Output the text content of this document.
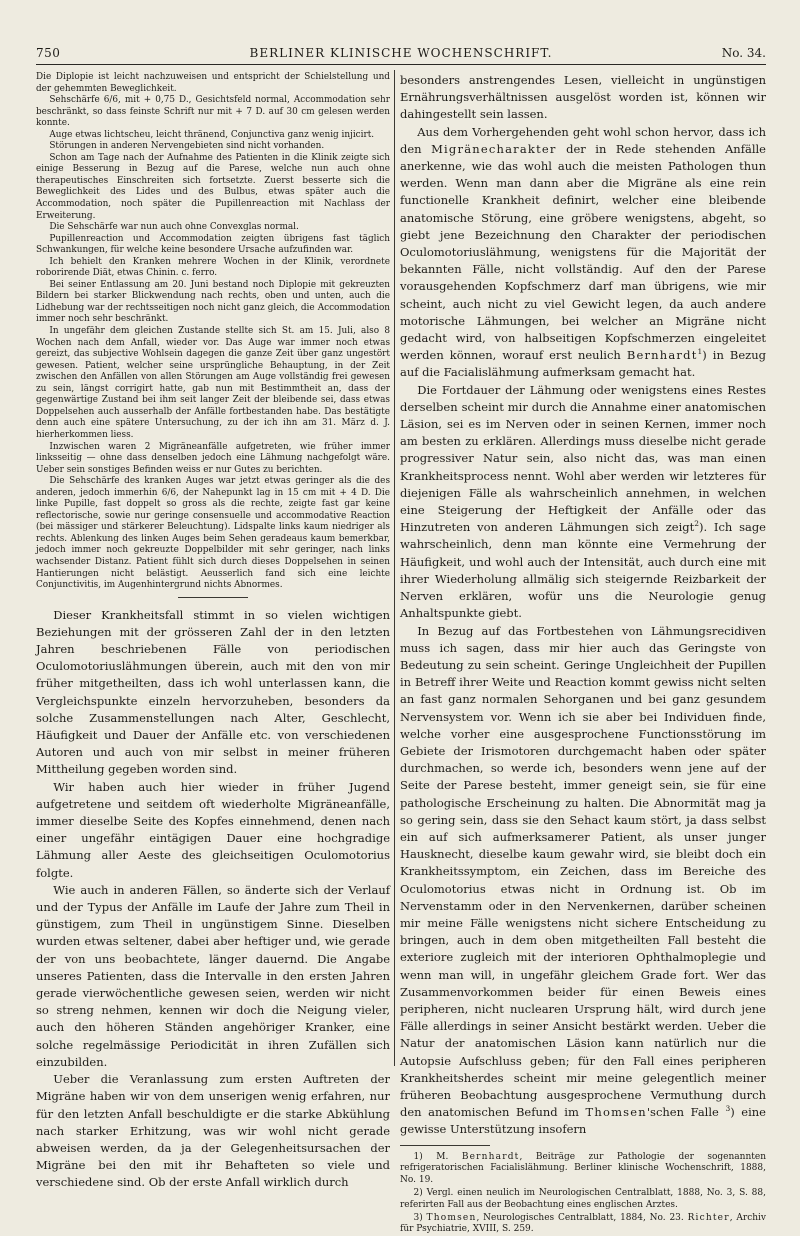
750	BERLINER KLINISCHE WOCHENSCHRIFT.	No. 34.

Die Diplopie ist leicht nachzuweisen und entspricht der Schielstellung und der gehemmten Beweglichkeit.

Sehschärfe 6/6, mit + 0,75 D., Gesichtsfeld normal, Accommodation sehr beschränkt, so dass feinste Schrift nur mit + 7 D. auf 30 cm gelesen werden konnte.

Auge etwas lichtscheu, leicht thränend, Conjunctiva ganz wenig injicirt.

Störungen in anderen Nervengebieten sind nicht vorhanden.

Schon am Tage nach der Aufnahme des Patienten in die Klinik zeigte sich einige Besserung in Bezug auf die Parese, welche nun auch ohne therapeutisches Einschreiten sich fortsetzte. Zuerst besserte sich die Beweglichkeit des Lides und des Bulbus, etwas später auch die Accommodation, noch später die Pupillenreaction mit Nachlass der Erweiterung.

Die Sehschärfe war nun auch ohne Convexglas normal.

Pupillenreaction und Accommodation zeigten übrigens fast täglich Schwankungen, für welche keine besondere Ursache aufzufinden war.

Ich behielt den Kranken mehrere Wochen in der Klinik, verordnete roborirende Diät, etwas Chinin. c. ferro.

Bei seiner Entlassung am 20. Juni bestand noch Diplopie mit gekreuzten Bildern bei starker Blickwendung nach rechts, oben und unten, auch die Lidhebung war der rechtsseitigen noch nicht ganz gleich, die Accommodation immer noch sehr beschränkt.

In ungefähr dem gleichen Zustande stellte sich St. am 15. Juli, also 8 Wochen nach dem Anfall, wieder vor. Das Auge war immer noch etwas gereizt, das subjective Wohlsein dagegen die ganze Zeit über ganz ungestört gewesen. Patient, welcher seine ursprüngliche Behauptung, in der Zeit zwischen den Anfällen von allen Störungen am Auge vollständig frei gewesen zu sein, längst corrigirt hatte, gab nun mit Bestimmtheit an, dass der gegenwärtige Zustand bei ihm seit langer Zeit der bleibende sei, dass etwas Doppelsehen auch ausserhalb der Anfälle fortbestanden habe. Das bestätigte denn auch eine spätere Untersuchung, zu der ich ihn am 31. März d. J. hierherkommen liess.

Inzwischen waren 2 Migräneanfälle aufgetreten, wie früher immer linksseitig — ohne dass denselben jedoch eine Lähmung nachgefolgt wäre. Ueber sein sonstiges Befinden weiss er nur Gutes zu berichten.

Die Sehschärfe des kranken Auges war jetzt etwas geringer als die des anderen, jedoch immerhin 6/6, der Nahepunkt lag in 15 cm mit + 4 D. Die linke Pupille, fast doppelt so gross als die rechte, zeigte fast gar keine reflectorische, sowie nur geringe consensuelle und accommodative Reaction (bei mässiger und stärkerer Beleuchtung). Lidspalte links kaum niedriger als rechts. Ablenkung des linken Auges beim Sehen geradeaus kaum bemerkbar, jedoch immer noch gekreuzte Doppelbilder mit sehr geringer, nach links wachsender Distanz. Patient fühlt sich durch dieses Doppelsehen in seinen Hantierungen nicht belästigt. Aeusserlich fand sich eine leichte Conjunctivitis, im Augenhintergrund nichts Abnormes.

Dieser Krankheitsfall stimmt in so vielen wichtigen Beziehungen mit der grösseren Zahl der in den letzten Jahren beschriebenen Fälle von periodischen Oculomotoriuslähmungen überein, auch mit den von mir früher mitgetheilten, dass ich wohl unterlassen kann, die Vergleichspunkte einzeln hervorzuheben, besonders da solche Zusammenstellungen nach Alter, Geschlecht, Häufigkeit und Dauer der Anfälle etc. von verschiedenen Autoren und auch von mir selbst in meiner früheren Mittheilung gegeben worden sind.

Wir haben auch hier wieder in früher Jugend aufgetretene und seitdem oft wiederholte Migräneanfälle, immer dieselbe Seite des Kopfes einnehmend, denen nach einer ungefähr eintägigen Dauer eine hochgradige Lähmung aller Aeste des gleichseitigen Oculomotorius folgte.

Wie auch in anderen Fällen, so änderte sich der Verlauf und der Typus der Anfälle im Laufe der Jahre zum Theil in günstigem, zum Theil in ungünstigem Sinne. Dieselben wurden etwas seltener, dabei aber heftiger und, wie gerade der von uns beobachtete, länger dauernd. Die Angabe unseres Patienten, dass die Intervalle in den ersten Jahren gerade vierwöchentliche gewesen seien, werden wir nicht so streng nehmen, kennen wir doch die Neigung vieler, auch den höheren Ständen angehöriger Kranker, eine solche regelmässige Periodicität in ihren Zufällen sich einzubilden.

Ueber die Veranlassung zum ersten Auftreten der Migräne haben wir von dem unserigen wenig erfahren, nur für den letzten Anfall beschuldigte er die starke Abkühlung nach starker Erhitzung, was wir wohl nicht gerade abweisen werden, da ja der Gelegenheitsursachen der Migräne bei den mit ihr Behafteten so viele und verschiedene sind. Ob der erste Anfall wirklich durch

besonders anstrengendes Lesen, vielleicht in ungünstigen Ernährungsverhältnissen ausgelöst worden ist, können wir dahingestellt sein lassen.

Aus dem Vorhergehenden geht wohl schon hervor, dass ich den Migränecharakter der in Rede stehenden Anfälle anerkenne, wie das wohl auch die meisten Pathologen thun werden. Wenn man dann aber die Migräne als eine rein functionelle Krankheit definirt, welcher eine bleibende anatomische Störung, eine gröbere wenigstens, abgeht, so giebt jene Bezeichnung den Charakter der periodischen Oculomotoriuslähmung, wenigstens für die Majorität der bekannten Fälle, nicht vollständig. Auf den der Parese vorausgehenden Kopfschmerz darf man übrigens, wie mir scheint, auch nicht zu viel Gewicht legen, da auch andere motorische Lähmungen, bei welcher an Migräne nicht gedacht wird, von halbseitigen Kopfschmerzen eingeleitet werden können, worauf erst neulich Bernhardt$^1$) in Bezug auf die Facialislähmung aufmerksam gemacht hat.

Die Fortdauer der Lähmung oder wenigstens eines Restes derselben scheint mir durch die Annahme einer anatomischen Läsion, sei es im Nerven oder in seinen Kernen, immer noch am besten zu erklären. Allerdings muss dieselbe nicht gerade progressiver Natur sein, also nicht das, was man einen Krankheitsprocess nennt. Wohl aber werden wir letzteres für diejenigen Fälle als wahrscheinlich annehmen, in welchen eine Steigerung der Heftigkeit der Anfälle oder das Hinzutreten von anderen Lähmungen sich zeigt$^2$). Ich sage wahrscheinlich, denn man könnte eine Vermehrung der Häufigkeit, und wohl auch der Intensität, auch durch eine mit ihrer Wiederholung allmälig sich steigernde Reizbarkeit der Nerven erklären, wofür uns die Neurologie genug Anhaltspunkte giebt.

In Bezug auf das Fortbestehen von Lähmungsrecidiven muss ich sagen, dass mir hier auch das Geringste von Bedeutung zu sein scheint. Geringe Ungleichheit der Pupillen in Betreff ihrer Weite und Reaction kommt gewiss nicht selten an fast ganz normalen Sehorganen und bei ganz gesundem Nervensystem vor. Wenn ich sie aber bei Individuen finde, welche vorher eine ausgesprochene Functionsstörung im Gebiete der Irismotoren durchgemacht haben oder später durchmachen, so werde ich, besonders wenn jene auf der Seite der Parese besteht, immer geneigt sein, sie für eine pathologische Erscheinung zu halten. Die Abnormität mag ja so gering sein, dass sie den Sehact kaum stört, ja dass selbst ein auf sich aufmerksamerer Patient, als unser junger Hausknecht, dieselbe kaum gewahr wird, sie bleibt doch ein Krankheitssymptom, ein Zeichen, dass im Bereiche des Oculomotorius etwas nicht in Ordnung ist. Ob im Nervenstamm oder in den Nervenkernen, darüber scheinen mir meine Fälle wenigstens nicht sichere Entscheidung zu bringen, auch in dem oben mitgetheilten Fall besteht die exteriore zugleich mit der interioren Ophthalmoplegie und wenn man will, in ungefähr gleichem Grade fort. Wer das Zusammenvorkommen beider für einen Beweis eines peripheren, nicht nuclearen Ursprung hält, wird durch jene Fälle allerdings in seiner Ansicht bestärkt werden. Ueber die Natur der anatomischen Läsion kann natürlich nur die Autopsie Aufschluss geben; für den Fall eines peripheren Krankheitsherdes scheint mir meine gelegentlich meiner früheren Beobachtung ausgesprochene Vermuthung durch den anatomischen Befund im Thomsen'schen Falle $^3$) eine gewisse Unterstützung insofern

1) M. Bernhardt, Beiträge zur Pathologie der sogenannten refrigeratorischen Facialislähmung. Berliner klinische Wochenschrift, 1888, No. 19.

2) Vergl. einen neulich im Neurologischen Centralblatt, 1888, No. 3, S. 88, referirten Fall aus der Beobachtung eines englischen Arztes.

3) Thomsen, Neurologisches Centralblatt, 1884, No. 23. Richter, Archiv für Psychiatrie, XVIII, S. 259.
